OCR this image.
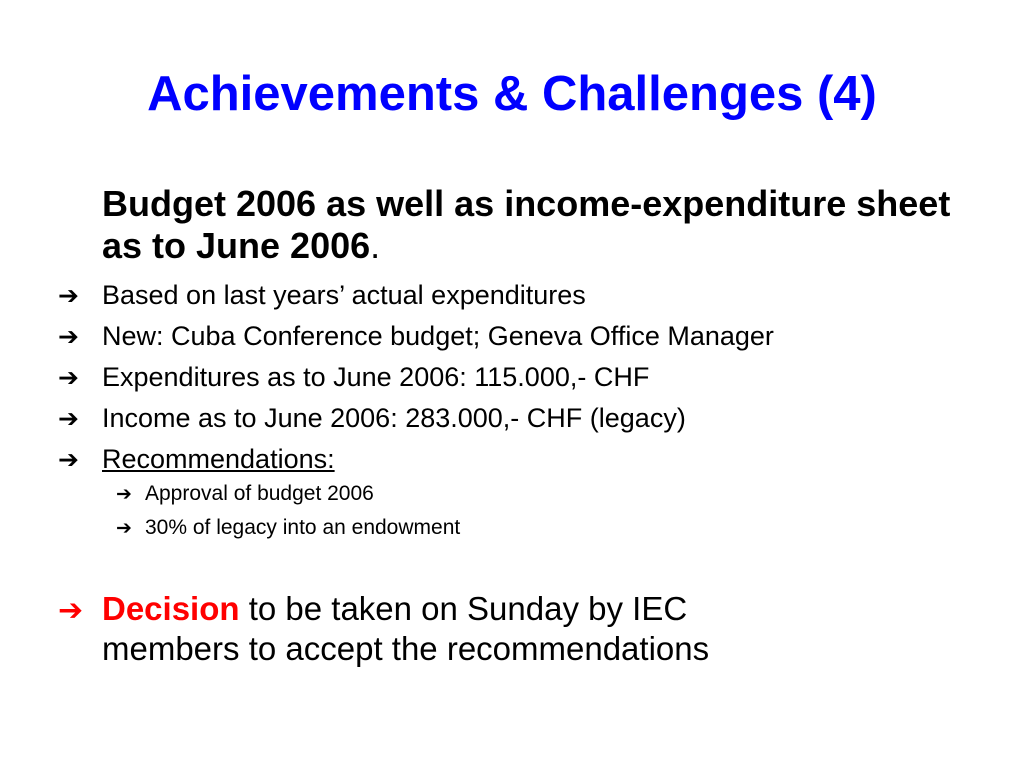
Achievements & Challenges (4)
Budget 2006 as well as income-expenditure sheet as to June 2006.
➔ Based on last years’ actual expenditures
➔ New: Cuba Conference budget; Geneva Office Manager
➔ Expenditures as to June 2006: 115.000,- CHF
➔ Income as to June 2006: 283.000,- CHF (legacy)
➔ Recommendations:
➔ Approval of budget 2006
➔ 30% of legacy into an endowment
➔ Decision to be taken on Sunday by IEC
members to accept the recommendations
